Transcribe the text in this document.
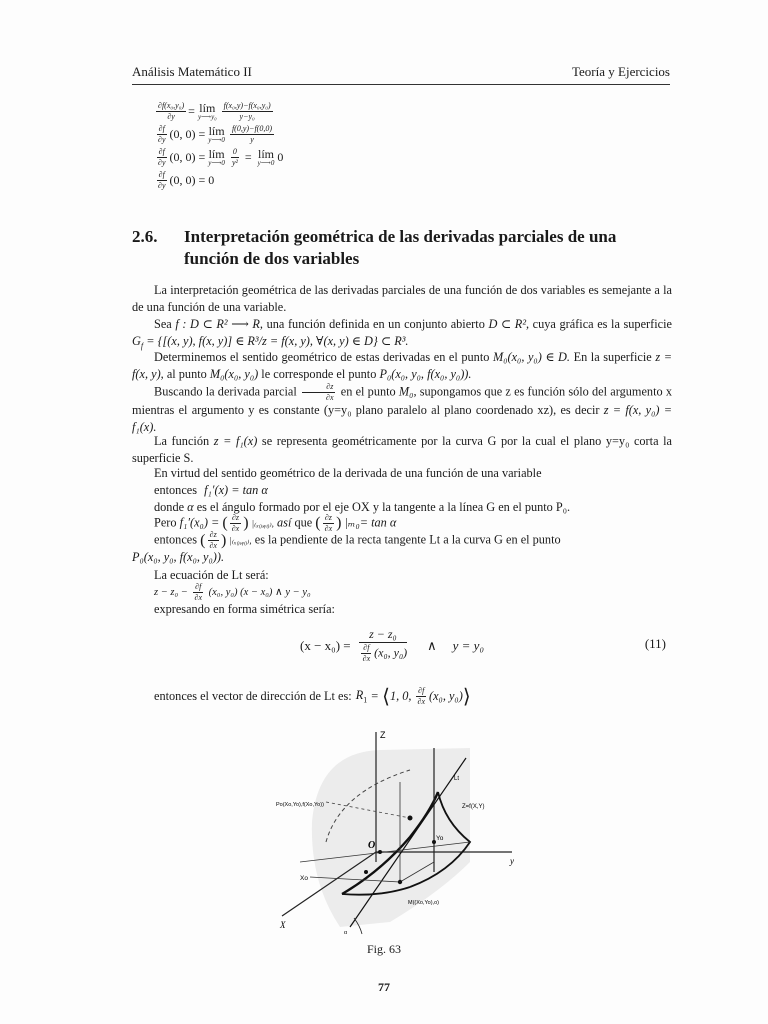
Análisis Matemático II	Teoría y Ejercicios
$\frac{\text{∂f(x₀,y₀)}}{\partial y}$ = lím
y⟶y₀ $\frac{\text{f(x₀,y)−f(x₀,y₀)}}{\text{y−y₀}}$
$\frac{\partial f}{\partial y} (0$, 0) = lím
y⟶0 $\frac{f(0,y)-f(0,0)}{y}$
$\frac{\partial f}{\partial y} (0$, 0) = lím
y⟶0 $\frac{0}{\text{y²}}$ = lím
y⟶0 0
$\frac{\partial f}{\partial y} (0$, 0) = 0
2.6. Interpretación geométrica de las derivadas parciales de una
función de dos variables
La interpretación geométrica de las derivadas parciales de una función de dos variables es semejante a la de una función de una variable.
Sea f : D ⊂ R² ⟶ R, una función definida en un conjunto abierto D ⊂ R², cuya gráfica es la superficie $G_f = \{[(x$, y), f(x, y)] ∈ R³/z = f(x, y), ∀(x, y) ∈ D} ⊂ R³.
Determinemos el sentido geométrico de estas derivadas en el punto M₀(x₀, y₀) ∈ D. En la superficie z = f(x, y), al punto M₀(x₀, y₀) le corresponde el punto P₀(x₀, y₀, f(x₀, y₀)).
Buscando la derivada parcial $\frac{\partial z}{\partial x}$ en el punto M₀, supongamos que z es función sólo del argumento x mientras el argumento y es constante (y=y₀ plano paralelo al plano coordenado xz), es decir z = f(x, y₀) = f₁(x).
La función z = f₁(x) se representa geométricamente por la curva G por la cual el plano y=y₀ corta la superficie S.
En virtud del sentido geométrico de la derivada de una función de una variable
entonces f₁′(x) = tan α
donde α es el ángulo formado por el eje OX y la tangente a la línea G en el punto P₀.
Pero f₁′(x₀) = ( $\frac{\partial z}{\partial x}$ ) |₍ₓ₀,ᵧ₀₎, así que ( $\frac{\partial z}{\partial x}$ ) |ₘ₀= tan α
entonces ( $\frac{\partial z}{\partial x}$ ) |₍ₓ₀,ᵧ₀₎, es la pendiente de la recta tangente Lt a la curva G en el punto
P₀(x₀, y₀, f(x₀, y₀)).
La ecuación de Lt será:
$z - z_0 - \frac{\partial f}{\partial x} (x_0$, y₀) (x − x₀) ∧ y − y₀
expresando en forma simétrica sería:
$(x - x_0) = \frac{\text{z − z₀}}{\frac{\partial f}{\partial x} (x_0, y_0)}$ ∧ y = y₀	(11)
entonces el vector de dirección de Lt es: $R_1$ = ⟨ 1, 0, $\frac{\partial f}{\partial x} (x_0$, y₀) ⟩
Z
y
X
O
Lt
Z=f(X,Y)
Po(Xo,Yo),f(Xo,Yo))
Yo
Xo
M((Xo,Yo),o)
α
Fig. 63
77
